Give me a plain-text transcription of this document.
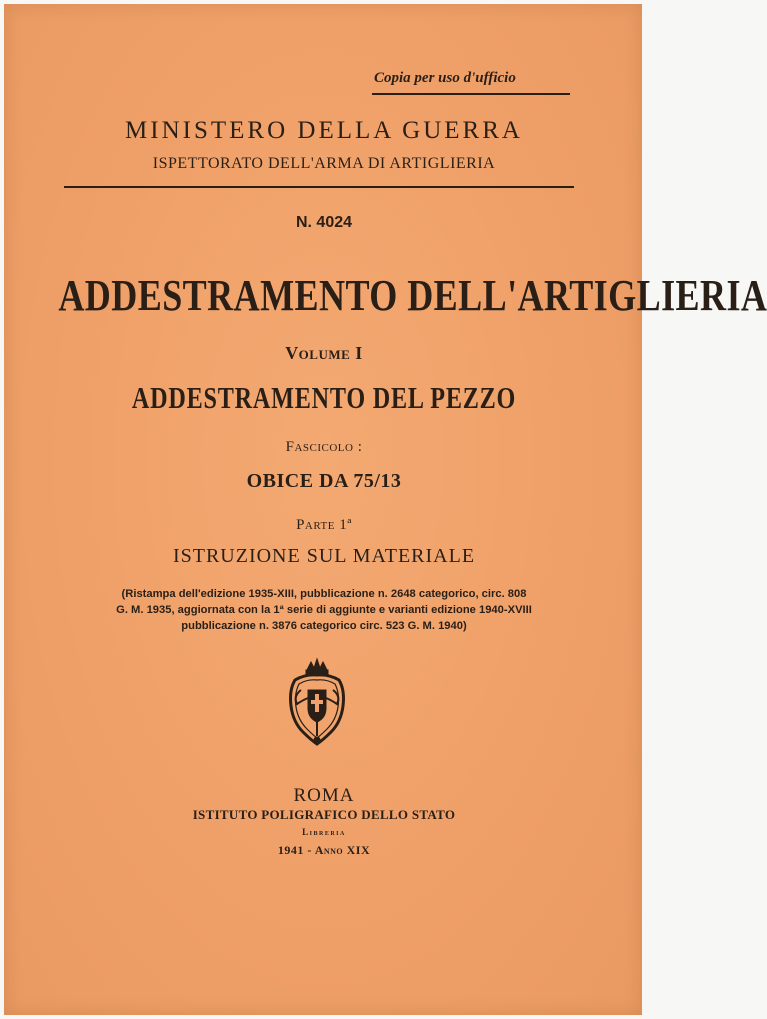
Copia per uso d'ufficio
MINISTERO DELLA GUERRA
ISPETTORATO DELL'ARMA DI ARTIGLIERIA
N. 4024
ADDESTRAMENTO DELL'ARTIGLIERIA
Volume I
ADDESTRAMENTO DEL PEZZO
Fascicolo :
OBICE DA 75/13
Parte 1ª
ISTRUZIONE SUL MATERIALE
(Ristampa dell'edizione 1935-XIII, pubblicazione n. 2648 categorico, circ. 808
G. M. 1935, aggiornata con la 1ª serie di aggiunte e varianti edizione 1940-XVIII
pubblicazione n. 3876 categorico circ. 523 G. M. 1940)
ROMA
ISTITUTO POLIGRAFICO DELLO STATO
Libreria
1941 - Anno XIX
